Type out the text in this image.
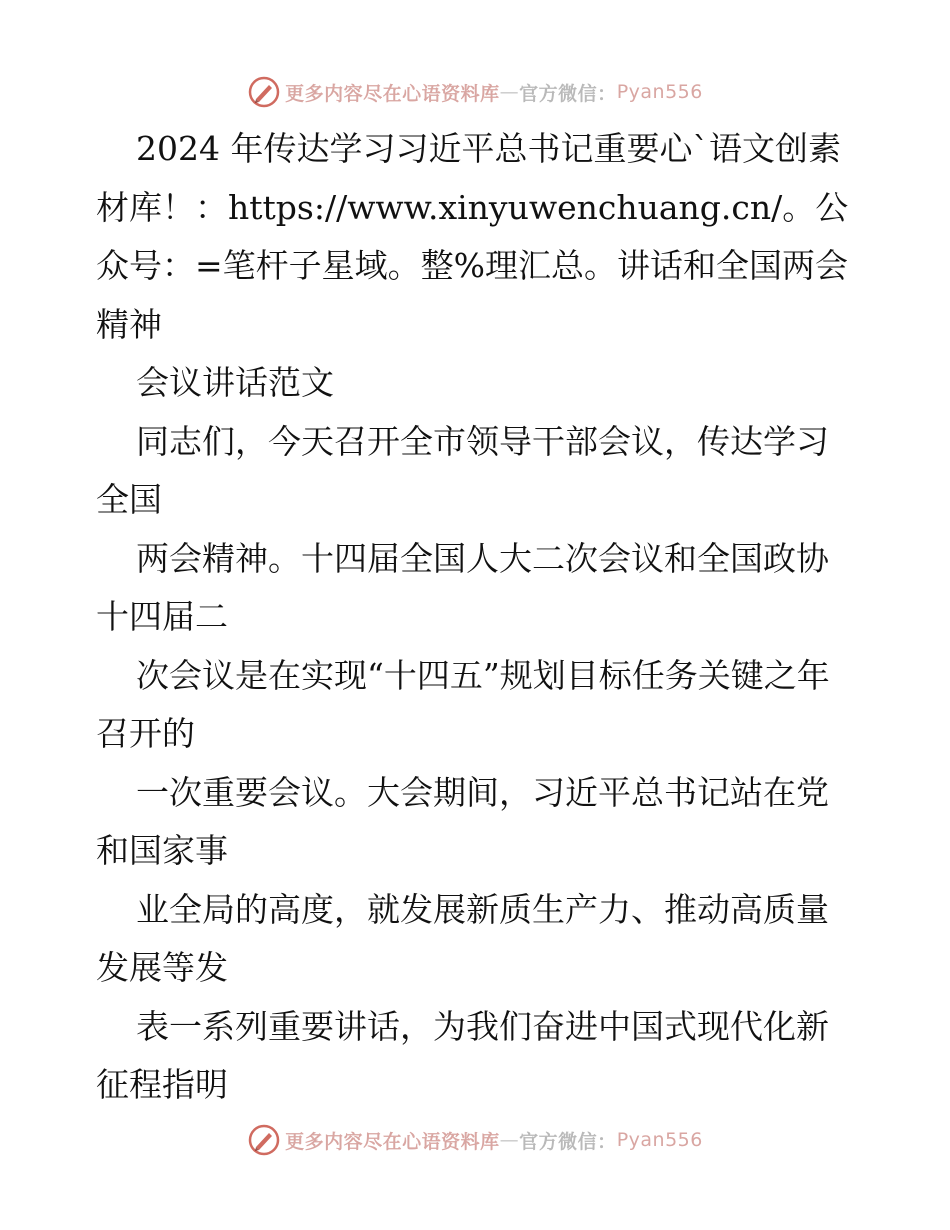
更多内容尽在心语资料库 — 官方微信： Pyan556

2024 年传达学习习近平总书记重要心`语文创素材库！：https://www.xinyuwenchuang.cn/。公众号：=笔杆子星域。整%理汇总。讲话和全国两会精神

会议讲话范文

同志们，今天召开全市领导干部会议，传达学习全国

两会精神。十四届全国人大二次会议和全国政协十四届二

次会议是在实现“十四五”规划目标任务关键之年召开的

一次重要会议。大会期间，习近平总书记站在党和国家事

业全局的高度，就发展新质生产力、推动高质量发展等发

表一系列重要讲话，为我们奋进中国式现代化新征程指明

更多内容尽在心语资料库 — 官方微信： Pyan556
